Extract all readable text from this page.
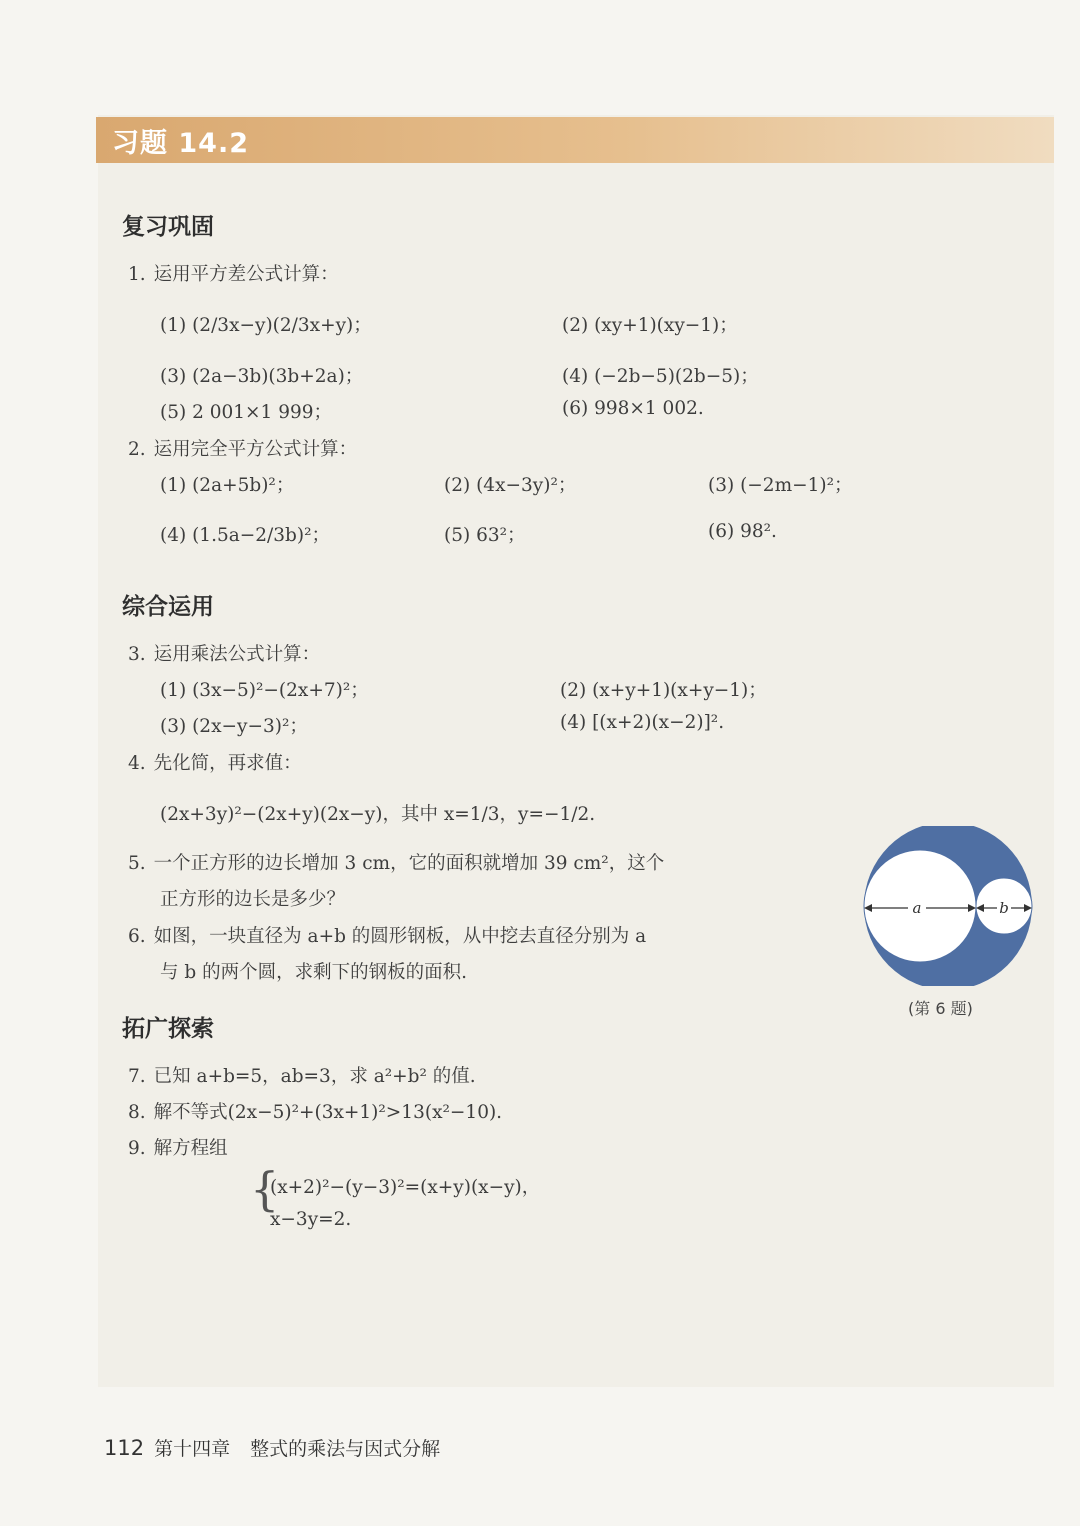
习题 14.2
复习巩固
1. 运用平方差公式计算：
(1) (2/3x−y)(2/3x+y)；	(2) (xy+1)(xy−1)；
(3) (2a−3b)(3b+2a)；	(4) (−2b−5)(2b−5)；
(5) 2 001×1 999；	(6) 998×1 002.
2. 运用完全平方公式计算：
(1) (2a+5b)²；	(2) (4x−3y)²；	(3) (−2m−1)²；
(4) (1.5a−2/3b)²；	(5) 63²；	(6) 98².
综合运用
3. 运用乘法公式计算：
(1) (3x−5)²−(2x+7)²；	(2) (x+y+1)(x+y−1)；
(3) (2x−y−3)²；	(4) [(x+2)(x−2)]².
4. 先化简，再求值：
(2x+3y)²−(2x+y)(2x−y)，其中 x=1/3，y=−1/2.
5. 一个正方形的边长增加 3 cm，它的面积就增加 39 cm²，这个
正方形的边长是多少？
6. 如图，一块直径为 a+b 的圆形钢板，从中挖去直径分别为 a
与 b 的两个圆，求剩下的钢板的面积.
a	b
(第 6 题)
拓广探索
7. 已知 a+b=5，ab=3，求 a²+b² 的值.
8. 解不等式(2x−5)²+(3x+1)²>13(x²−10).
9. 解方程组
{
(x+2)²−(y−3)²=(x+y)(x−y)，
x−3y=2.
112 第十四章 整式的乘法与因式分解
